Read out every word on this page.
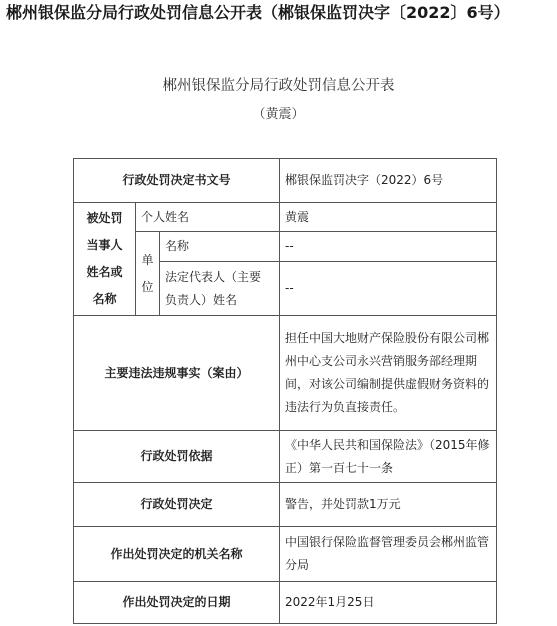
郴州银保监分局行政处罚信息公开表（郴银保监罚决字〔2022〕6号）
郴州银保监分局行政处罚信息公开表
（黄震）
行政处罚决定书文号			郴银保监罚决字（2022）6号
被处罚
当事人
姓名或
名称	个人姓名		黄震
	单
位	名称	--
		法定代表人（主要
负责人）姓名	--
主要违法违规事实（案由）			担任中国大地财产保险股份有限公司郴州中心支公司永兴营销服务部经理期间，对该公司编制提供虚假财务资料的违法行为负直接责任。
行政处罚依据			《中华人民共和国保险法》（2015年修正）第一百七十一条
行政处罚决定			警告，并处罚款1万元
作出处罚决定的机关名称			中国银行保险监督管理委员会郴州监管分局
作出处罚决定的日期			2022年1月25日
